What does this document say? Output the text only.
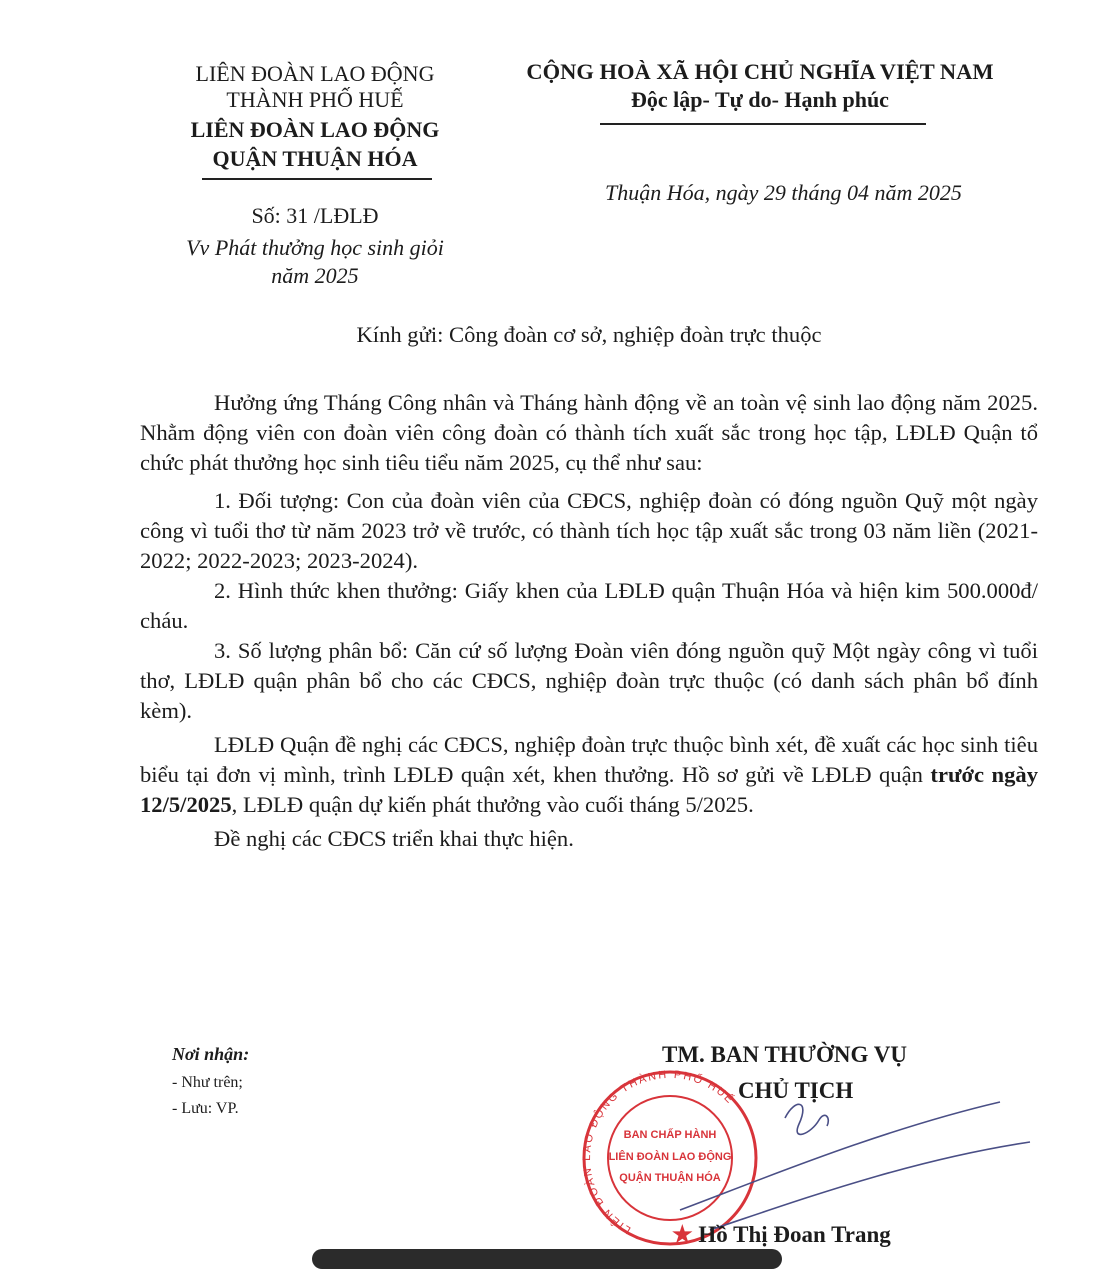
LIÊN ĐOÀN LAO ĐỘNG
THÀNH PHỐ HUẾ
LIÊN ĐOÀN LAO ĐỘNG
QUẬN THUẬN HÓA
Số: 31 /LĐLĐ
Vv Phát thưởng học sinh giỏi
năm 2025
CỘNG HOÀ XÃ HỘI CHỦ NGHĨA VIỆT NAM
Độc lập- Tự do- Hạnh phúc
Thuận Hóa, ngày 29 tháng 04 năm 2025
Kính gửi: Công đoàn cơ sở, nghiệp đoàn trực thuộc

Hưởng ứng Tháng Công nhân và Tháng hành động về an toàn vệ sinh lao động năm 2025. Nhằm động viên con đoàn viên công đoàn có thành tích xuất sắc trong học tập, LĐLĐ Quận tổ chức phát thưởng học sinh tiêu tiểu năm 2025, cụ thể như sau:

1. Đối tượng: Con của đoàn viên của CĐCS, nghiệp đoàn có đóng nguồn Quỹ một ngày công vì tuổi thơ từ năm 2023 trở về trước, có thành tích học tập xuất sắc trong 03 năm liền (2021-2022; 2022-2023; 2023-2024).

2. Hình thức khen thưởng: Giấy khen của LĐLĐ quận Thuận Hóa và hiện kim 500.000đ/ cháu.

3. Số lượng phân bổ: Căn cứ số lượng Đoàn viên đóng nguồn quỹ Một ngày công vì tuổi thơ, LĐLĐ quận phân bổ cho các CĐCS, nghiệp đoàn trực thuộc (có danh sách phân bổ đính kèm).

LĐLĐ Quận đề nghị các CĐCS, nghiệp đoàn trực thuộc bình xét, đề xuất các học sinh tiêu biểu tại đơn vị mình, trình LĐLĐ quận xét, khen thưởng. Hồ sơ gửi về LĐLĐ quận trước ngày 12/5/2025, LĐLĐ quận dự kiến phát thưởng vào cuối tháng 5/2025.

Đề nghị các CĐCS triển khai thực hiện.

Nơi nhận:
- Như trên;
- Lưu: VP.
TM. BAN THƯỜNG VỤ
CHỦ TỊCH
LIÊN ĐOÀN LAO ĐỘNG THÀNH PHỐ HUẾ
BAN CHẤP HÀNH
LIÊN ĐOÀN LAO ĐỘNG
QUẬN THUẬN HÓA
★ Hồ Thị Đoan Trang
